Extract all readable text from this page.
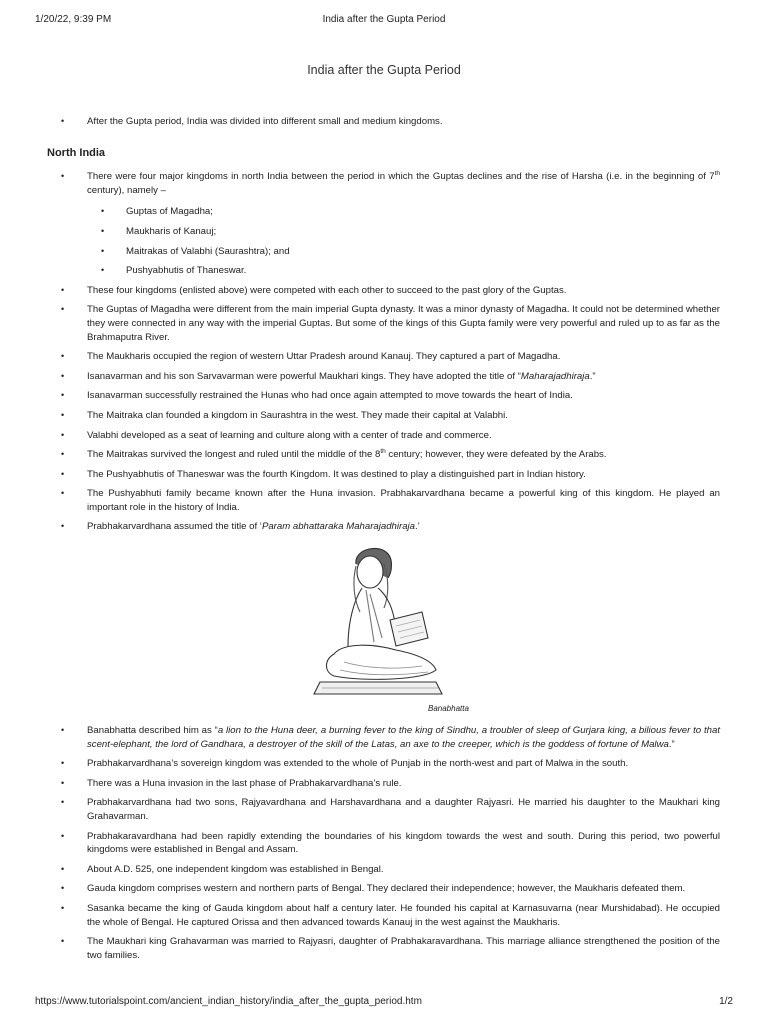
1/20/22, 9:39 PM	India after the Gupta Period
India after the Gupta Period
• After the Gupta period, India was divided into different small and medium kingdoms.
North India
• There were four major kingdoms in north India between the period in which the Guptas declines and the rise of Harsha (i.e. in the beginning of 7th century), namely –
• Guptas of Magadha;
• Maukharis of Kanauj;
• Maitrakas of Valabhi (Saurashtra); and
• Pushyabhutis of Thaneswar.
• These four kingdoms (enlisted above) were competed with each other to succeed to the past glory of the Guptas.
• The Guptas of Magadha were different from the main imperial Gupta dynasty. It was a minor dynasty of Magadha. It could not be determined whether they were connected in any way with the imperial Guptas. But some of the kings of this Gupta family were very powerful and ruled up to as far as the Brahmaputra River.
• The Maukharis occupied the region of western Uttar Pradesh around Kanauj. They captured a part of Magadha.
• Isanavarman and his son Sarvavarman were powerful Maukhari kings. They have adopted the title of “Maharajadhiraja.”
• Isanavarman successfully restrained the Hunas who had once again attempted to move towards the heart of India.
• The Maitraka clan founded a kingdom in Saurashtra in the west. They made their capital at Valabhi.
• Valabhi developed as a seat of learning and culture along with a center of trade and commerce.
• The Maitrakas survived the longest and ruled until the middle of the 8th century; however, they were defeated by the Arabs.
• The Pushyabhutis of Thaneswar was the fourth Kingdom. It was destined to play a distinguished part in Indian history.
• The Pushyabhuti family became known after the Huna invasion. Prabhakarvardhana became a powerful king of this kingdom. He played an important role in the history of India.
• Prabhakarvardhana assumed the title of ‘Param abhattaraka Maharajadhiraja.’
Banabhatta
• Banabhatta described him as “a lion to the Huna deer, a burning fever to the king of Sindhu, a troubler of sleep of Gurjara king, a bilious fever to that scent-elephant, the lord of Gandhara, a destroyer of the skill of the Latas, an axe to the creeper, which is the goddess of fortune of Malwa.”
• Prabhakarvardhana’s sovereign kingdom was extended to the whole of Punjab in the north-west and part of Malwa in the south.
• There was a Huna invasion in the last phase of Prabhakarvardhana’s rule.
• Prabhakarvardhana had two sons, Rajyavardhana and Harshavardhana and a daughter Rajyasri. He married his daughter to the Maukhari king Grahavarman.
• Prabhakaravardhana had been rapidly extending the boundaries of his kingdom towards the west and south. During this period, two powerful kingdoms were established in Bengal and Assam.
• About A.D. 525, one independent kingdom was established in Bengal.
• Gauda kingdom comprises western and northern parts of Bengal. They declared their independence; however, the Maukharis defeated them.
• Sasanka became the king of Gauda kingdom about half a century later. He founded his capital at Karnasuvarna (near Murshidabad). He occupied the whole of Bengal. He captured Orissa and then advanced towards Kanauj in the west against the Maukharis.
• The Maukhari king Grahavarman was married to Rajyasri, daughter of Prabhakaravardhana. This marriage alliance strengthened the position of the two families.
https://www.tutorialspoint.com/ancient_indian_history/india_after_the_gupta_period.htm	1/2
